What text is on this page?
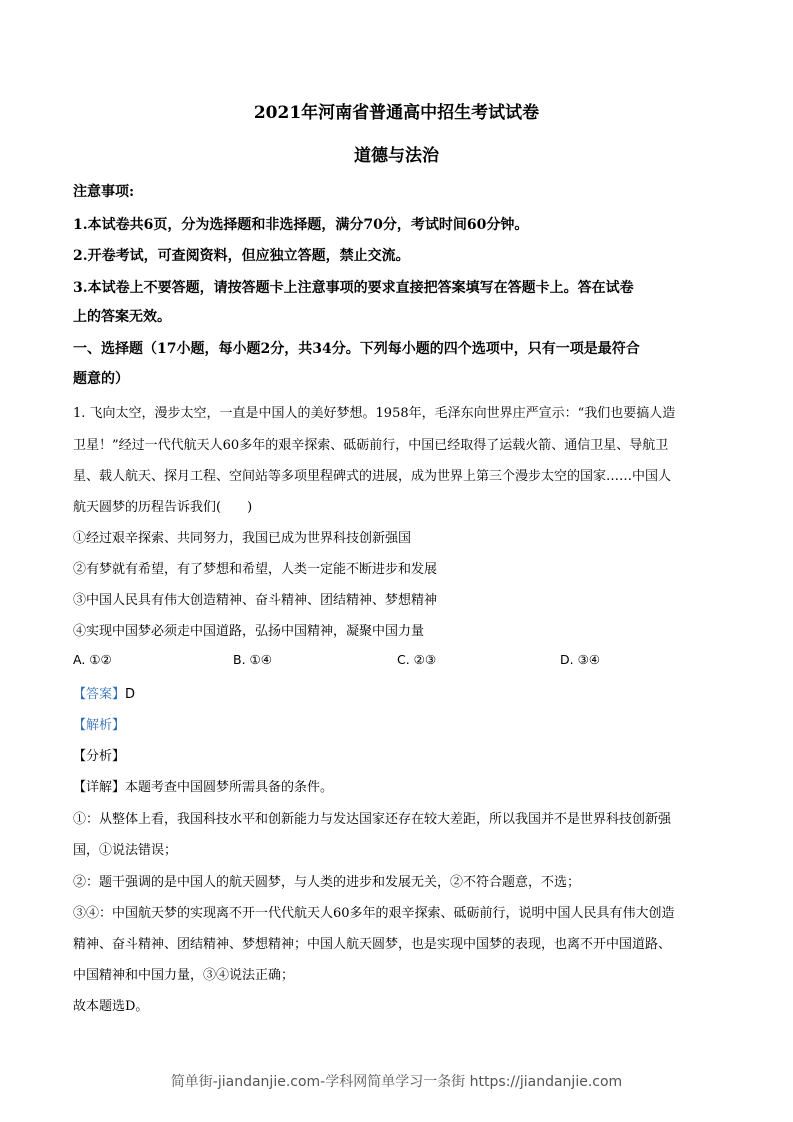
2021年河南省普通高中招生考试试卷
道德与法治
注意事项:
1.本试卷共6页，分为选择题和非选择题，满分70分，考试时间60分钟。
2.开卷考试，可查阅资料，但应独立答题，禁止交流。
3.本试卷上不要答题，请按答题卡上注意事项的要求直接把答案填写在答题卡上。答在试卷
上的答案无效。
一、选择题（17小题，每小题2分，共34分。下列每小题的四个选项中，只有一项是最符合
题意的）
1. 飞向太空，漫步太空，一直是中国人的美好梦想。1958年，毛泽东向世界庄严宣示：“我们也要搞人造
卫星！”经过一代代航天人60多年的艰辛探索、砥砺前行，中国已经取得了运载火箭、通信卫星、导航卫
星、载人航天、探月工程、空间站等多项里程碑式的进展，成为世界上第三个漫步太空的国家……中国人
航天圆梦的历程告诉我们(　　)
①经过艰辛探索、共同努力，我国已成为世界科技创新强国
②有梦就有希望，有了梦想和希望，人类一定能不断进步和发展
③中国人民具有伟大创造精神、奋斗精神、团结精神、梦想精神
④实现中国梦必须走中国道路，弘扬中国精神，凝聚中国力量
A. ①②	B. ①④	C. ②③	D. ③④
【答案】D
【解析】
【分析】
【详解】本题考查中国圆梦所需具备的条件。
①：从整体上看，我国科技水平和创新能力与发达国家还存在较大差距，所以我国并不是世界科技创新强
国，①说法错误；
②：题干强调的是中国人的航天圆梦，与人类的进步和发展无关，②不符合题意，不选；
③④：中国航天梦的实现离不开一代代航天人60多年的艰辛探索、砥砺前行，说明中国人民具有伟大创造
精神、奋斗精神、团结精神、梦想精神；中国人航天圆梦，也是实现中国梦的表现，也离不开中国道路、
中国精神和中国力量，③④说法正确；
故本题选D。
简单街-jiandanjie.com-学科网简单学习一条街 https://jiandanjie.com
